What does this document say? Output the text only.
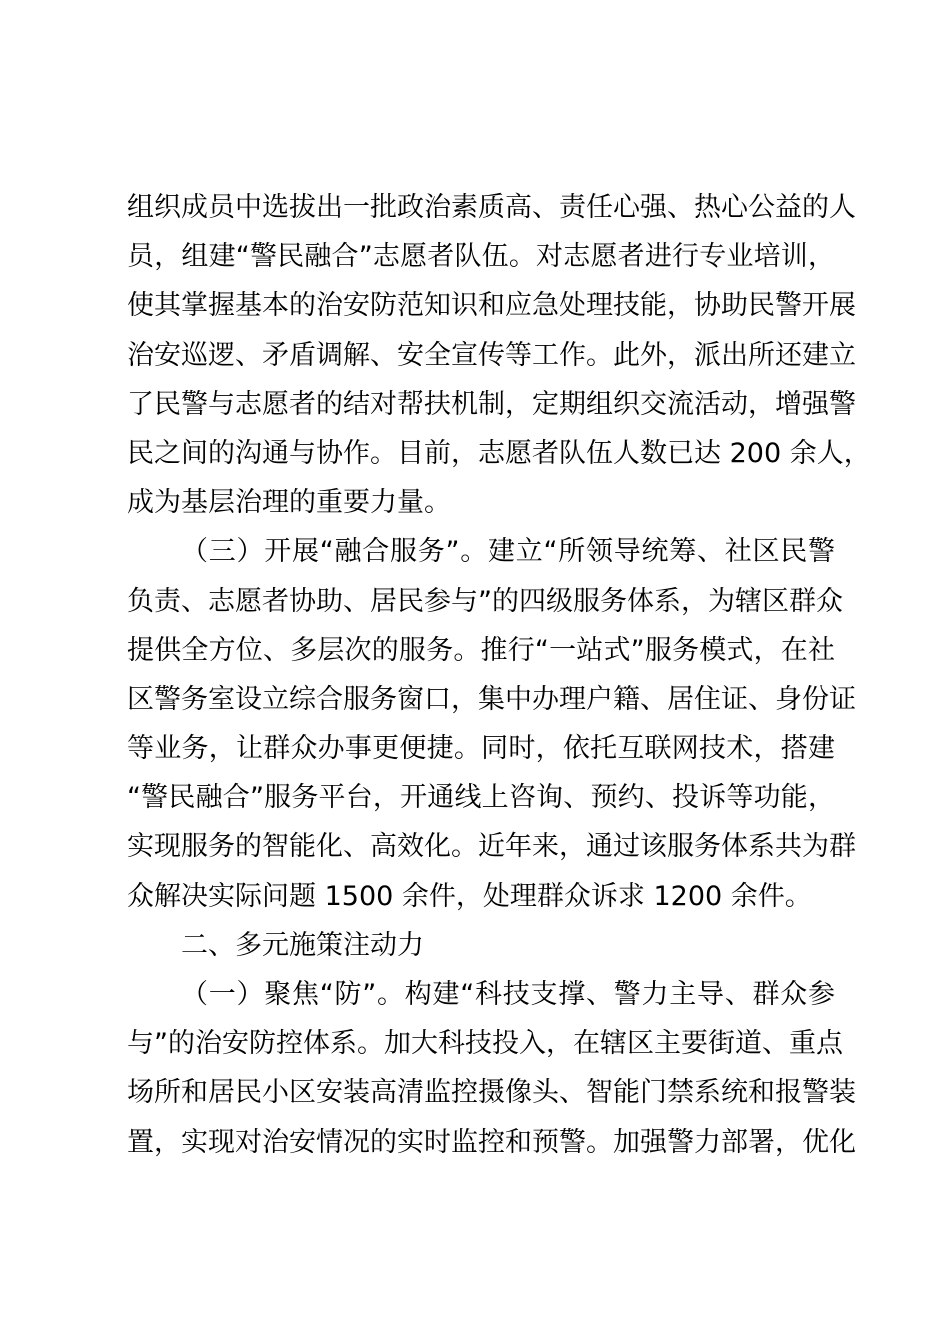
组织成员中选拔出一批政治素质高、责任心强、热心公益的人
员，组建“警民融合”志愿者队伍。对志愿者进行专业培训，
使其掌握基本的治安防范知识和应急处理技能，协助民警开展
治安巡逻、矛盾调解、安全宣传等工作。此外，派出所还建立
了民警与志愿者的结对帮扶机制，定期组织交流活动，增强警
民之间的沟通与协作。目前，志愿者队伍人数已达 200 余人，
成为基层治理的重要力量。
（三）开展“融合服务”。建立“所领导统筹、社区民警
负责、志愿者协助、居民参与”的四级服务体系，为辖区群众
提供全方位、多层次的服务。推行“一站式”服务模式，在社
区警务室设立综合服务窗口，集中办理户籍、居住证、身份证
等业务，让群众办事更便捷。同时，依托互联网技术，搭建
“警民融合”服务平台，开通线上咨询、预约、投诉等功能，
实现服务的智能化、高效化。近年来，通过该服务体系共为群
众解决实际问题 1500 余件，处理群众诉求 1200 余件。
二、多元施策注动力
（一）聚焦“防”。构建“科技支撑、警力主导、群众参
与”的治安防控体系。加大科技投入，在辖区主要街道、重点
场所和居民小区安装高清监控摄像头、智能门禁系统和报警装
置，实现对治安情况的实时监控和预警。加强警力部署，优化
